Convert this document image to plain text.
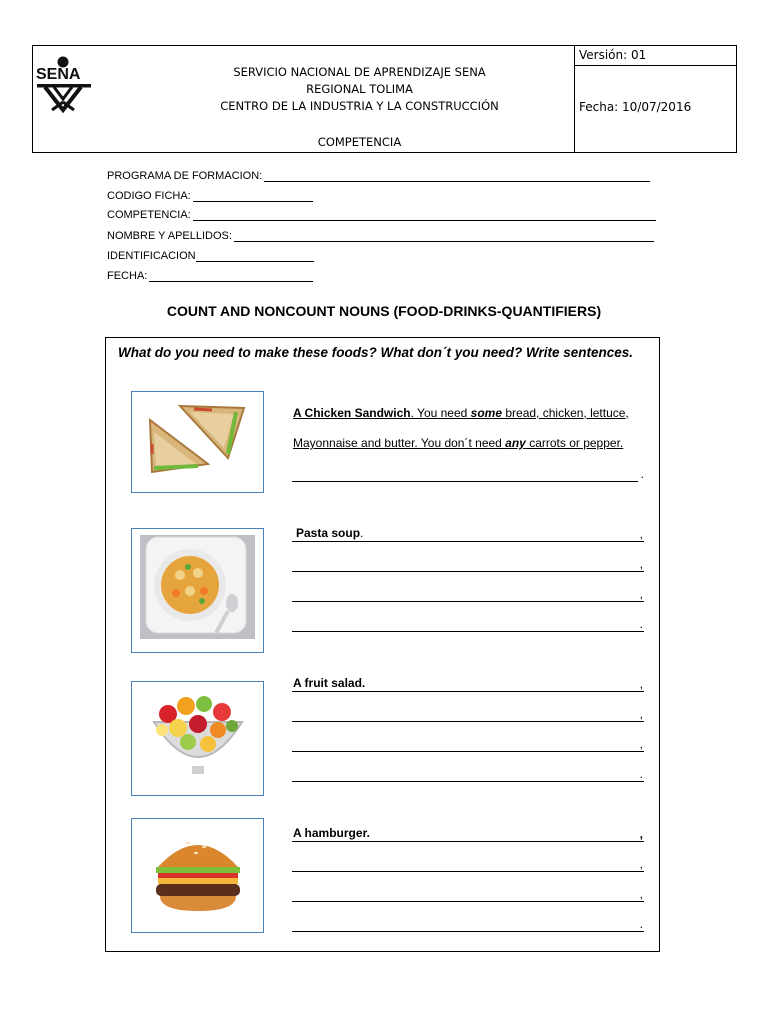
SENA	SERVICIO NACIONAL DE APRENDIZAJE SENA
REGIONAL TOLIMA
CENTRO DE LA INDUSTRIA Y LA CONSTRUCCIÓN
COMPETENCIA
Versión: 01
Fecha: 10/07/2016
PROGRAMA DE FORMACION:
CODIGO FICHA:
COMPETENCIA:
NOMBRE Y APELLIDOS:
IDENTIFICACION
FECHA:
COUNT AND NONCOUNT NOUNS (FOOD-DRINKS-QUANTIFIERS)
What do you need to make these foods? What don´t you need? Write sentences.
A Chicken Sandwich. You need some bread, chicken, lettuce,
Mayonnaise and butter. You don´t need any carrots or pepper.
.
Pasta soup.	,
,
,
.
A fruit salad.	,
,
,
.
A hamburger.	,
,
,
.
